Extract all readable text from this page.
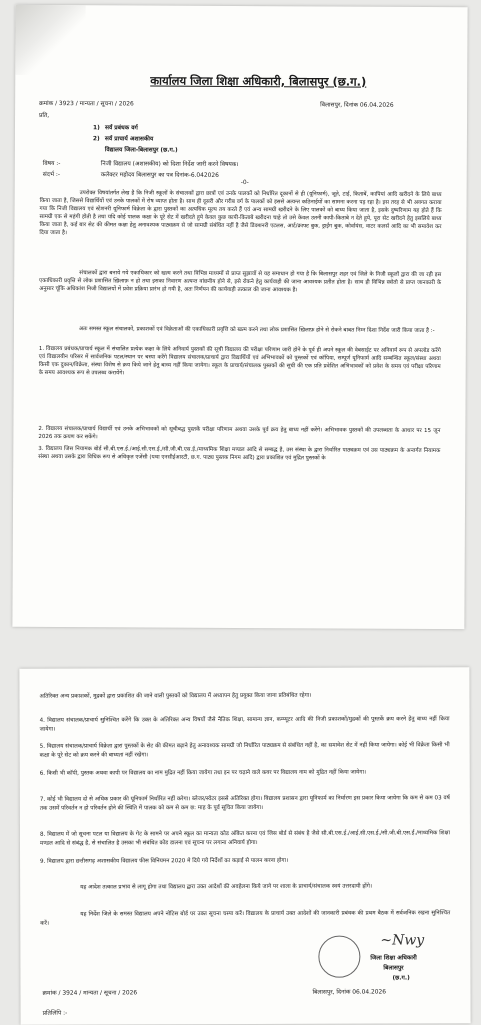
कार्यालय जिला शिक्षा अधिकारी, बिलासपुर (छ.ग.)
क्रमांक / 3923 / मान्यता / सूचना / 2026	बिलासपुर, दिनांक 06.04.2026
प्रति,
1) सर्व प्रबंधक वर्ग
2) सर्व प्राचार्य अशासकीय
विद्यालय जिला-बिलासपुर (छ.ग.)
विषय :-	निजी विद्यालय (अशासकीय) को दिशा निर्देश जारी करने विषयक।
संदर्भ :-	कलेक्टर महोदय बिलासपुर का पत्र दिनांक-6.042026
-0-
उपरोक्त विषयांतर्गत लेख है कि निजी स्कूलों के संचालकों द्वारा छात्रों एवं उनके पालकों को निर्धारित दूकानों से ही (यूनिफार्म), जूते, टाई, किताबें, कापियां आदि खरीदने के लिये बाध्य किया जाता है, जिससे विद्यार्थियों एवं उनके पालकों में रोष व्याप्त होता है। साथ ही दूसरी और गरीब वर्ग के पालकों को इससे अत्यन्त कठिनाईयों का सामना करना पड़ रहा है। इस तरह से भी अवगत कराया गया कि निजी विद्यालय एवं स्टेशनरी यूनिफार्म विक्रेता के द्वारा पुस्तकों का अत्यधिक मूल्य तय करते हैं एवं अन्य सामग्री खरीदने के लिए पालकों को बाध्य किया जाता है, इसके दुष्परिणाम यह होते हैं कि सामग्री एक से महंगी होती है तथा यदि कोई पालक कक्षा के पूरे सेट में खरीदते हुये केवल कुछ कापी-किताबे खरीदना चाहे तो उसे केवल उतनी कापी-किताबे न देते हुये, पूरा सेट खरीदने हेतु इसलिये बाध्य किया जाता है, कई बार सेट की कीमत कक्षा हेतु अनावश्यक पाठ्यक्रम से जो सामग्री संबंधित नहीं है जैसे डिक्शनरी एटलस, आर्ट/क्राफ्ट बुक, ड्राईंग बुक, कोर्वायंस, वाटर कलर्स आदि का भी समावेश कर दिया जाता है।
संचालकों द्वारा बनाये गये एकाधिकार को खत्म करने तथा विभिन्न माध्यमों से प्राप्त सुझावों से यह समाधान हो गया है कि बिलासपुर शहर एवं जिले के निजी स्कूलों द्वारा की जा रही इस एकाधिकारी प्रवृत्ति से लोक प्रशासित ख़िलाफ़ न हो तथा इसका निवारण अत्यन्त वांछनीय होने से, इसे रोकने हेतु कार्यवाही की जाना आवश्यक प्रतीत होता है। साथ ही विभिन्न स्त्रोतो से प्राप्त जानकारी के अनुसार चूंकि अधिकांश निजी विद्यालयों में प्रवेश प्रक्रिया प्रारंभ हो गयी है, अतः निर्णयन की कार्यवाही तत्काल की जाना आवश्यक है।
अतः समस्त स्कूल संचालकों, प्रकाशकों एवं विक्रेताओं की एकाधिकारी प्रवृत्ति को खत्म करने तथा लोक प्रशासित ख़िलाफ़ होने से रोकने बाबत निम्न दिशा निर्देश जारी किया जाता है :-
1. विद्यालय प्रबंधक/प्राचार्य स्कूल में संचालित प्रत्येक कक्षा के लिये अनिवार्य पुस्तकों की सूची विद्यालय की परीक्षा परिणाम जारी होने के पूर्व ही अपने स्कूल की वेबसाईट पर अनिवार्य रूप से अपलोड करेंगे एवं विद्यालयीन परिसर में सार्वजनिक पटल/स्थान पर चस्पा करेंगे विद्यालय संचालक/प्राचार्य द्वारा विद्यार्थियों एवं अभिभावकों को पुस्तकों एवं कॉपिया, सम्पूर्ण यूनिफार्म आदि सम्बन्धित स्कूल/संस्था अथवा किसी एक दुकान/विक्रेता, संस्था विशेष से क्रय किये जाने हेतु बाध्य नहीं किया जायेगा। स्कूल के प्राचार्य/संचालक पुस्तकों की सूची की एक प्रति प्रवेशित अभिभावकों को प्रवेश के समय एवं परीक्षा परिणाम के समय आवश्यक रूप से उपलब्ध करायेंगे।
2. विद्यालय संचालक/प्राचार्य विद्यार्थी एवं उनके अभिभावकों को सूचीबद्ध पुस्तकें परीक्षा परिणाम अथवा उसके पूर्व क्रय हेतु बाध्य नहीं करेंगे। अभिभावक पुस्तकों की उपलब्धता के आधार पर 15 जून 2026 तक क्रयण कर सकेंगे।
3. विद्यालय जिस नियामक बोर्ड सी.बी.एस.ई./आई.सी.एस.ई./सी.जी.बी.एस.ई./माध्यमिक शिक्षा मण्डल आदि से सम्बद्ध है, उस संस्था के द्वारा निर्धारित पाठ्यक्रम एवं उस पाठ्यक्रम के अन्तर्गत नियामक संस्था अथवा उसके द्वारा विधिक रूप से अधिकृत एजेंसी (यथा एनसीईआरटी, छ.ग. पाठ्य पुस्तक निगम आदि) द्वारा प्रकाशित एवं मुद्रित पुस्तकों के
अतिरिक्त अन्य प्रकाशकों, मुद्रकों द्वारा प्रकाशित की जाने वाली पुस्तकों को विद्यालय में अध्यापन हेतु प्रयुक्त किया जाना प्रतिबंधित रहेगा।
4. विद्यालय संचालक/प्राचार्य सुनिश्चित करेंगे कि उक्त के अतिरिक्त अन्य विषयों जैसे नैतिक शिक्षा, सामान्य ज्ञान, कम्प्यूटर आदि की निजी प्रकाशकों/मुद्रकों की पुस्तकें क्रय करने हेतु बाध्य नहीं किया जायेगा।
5. विद्यालय संचालक/प्राचार्य विक्रेता द्वारा पुस्तकों के सेट की कीमत बढ़ाने हेतु अनावश्यक सामग्री जो निर्धारित पाठ्यक्रम से संबंधित नहीं है, का समावेश सेट में नहीं किया जायेगा। कोई भी विक्रेता किसी भी कक्षा के पूरे सेट को क्रय करने की बाध्यता नहीं रखेगा।
6. किसी भी कॉपी, पुस्तक अथवा कापी पर विद्यालय का नाम मुद्रित नहीं किया जायेगा तथा इन पर चढ़ाने वाले कवर पर विद्यालय नाम को मुद्रित नहीं किया जायेगा।
7. कोई भी विद्यालय दो से अधिक प्रकार की यूनिफार्म निर्धारित नहीं करेगा। ब्लेजर/स्वेटर इससे अतिरिक्त होगा। विद्यालय प्रशासन द्वारा यूनिफार्म का निर्धारण इस प्रकार किया जायेगा कि कम से कम 03 वर्ष तक उसमें परिवर्तन न हो परिवर्तन होने की स्थिति में पालक को कम से कम छ: माह के पूर्व सूचित किया जायेगा।
8. विद्यालय में जो सूचना पटल या विद्यालय के गेट के सामने पर अपने स्कूल का मान्यता कोड अंकित करना एवं जिस बोर्ड से संबंध है जैसे सी.बी.एस.ई./आई.सी.एस.ई./सी.जी.बी.एस.ई./माध्यमिक शिक्षा मण्डल आदि से संबंद्ध है, से संचालित है उसका भी संबंधित कोड डालना एवं सूचना पर लगाना अनिवार्य होगा।
9. विद्यालय द्वारा छत्तीसगढ़ अशासकीय विद्यालय फीस विनियमन 2020 मे दिये गये निर्देशों का कड़ाई से पालन करना होगा।
यह आदेश तत्काल प्रभाव से लागू होगा तथा विद्यालय द्वारा उक्त आदेशों की अवहेलना किये जाने पर शाला के प्राचार्य/संचालक स्वयं उत्तरदायी होंगे।
यह निर्देश जिले के समस्त विद्यालय अपने नोटिस बोर्ड पर उक्त सूचना चस्पा करें। विद्यालय के प्राचार्य उक्त आदेशों की जानकारी प्रबंधक की प्रथम बैठक में सर्वजनिक रखना सुनिश्चित करें।
~Nwy
जिला शिक्षा अधिकारी
बिलासपुर
(छ.ग.)
क्रमांक / 3924 / मान्यता / सूचना / 2026	बिलासपुर, दिनांक 06.04.2026
प्रतिलिपि :-
